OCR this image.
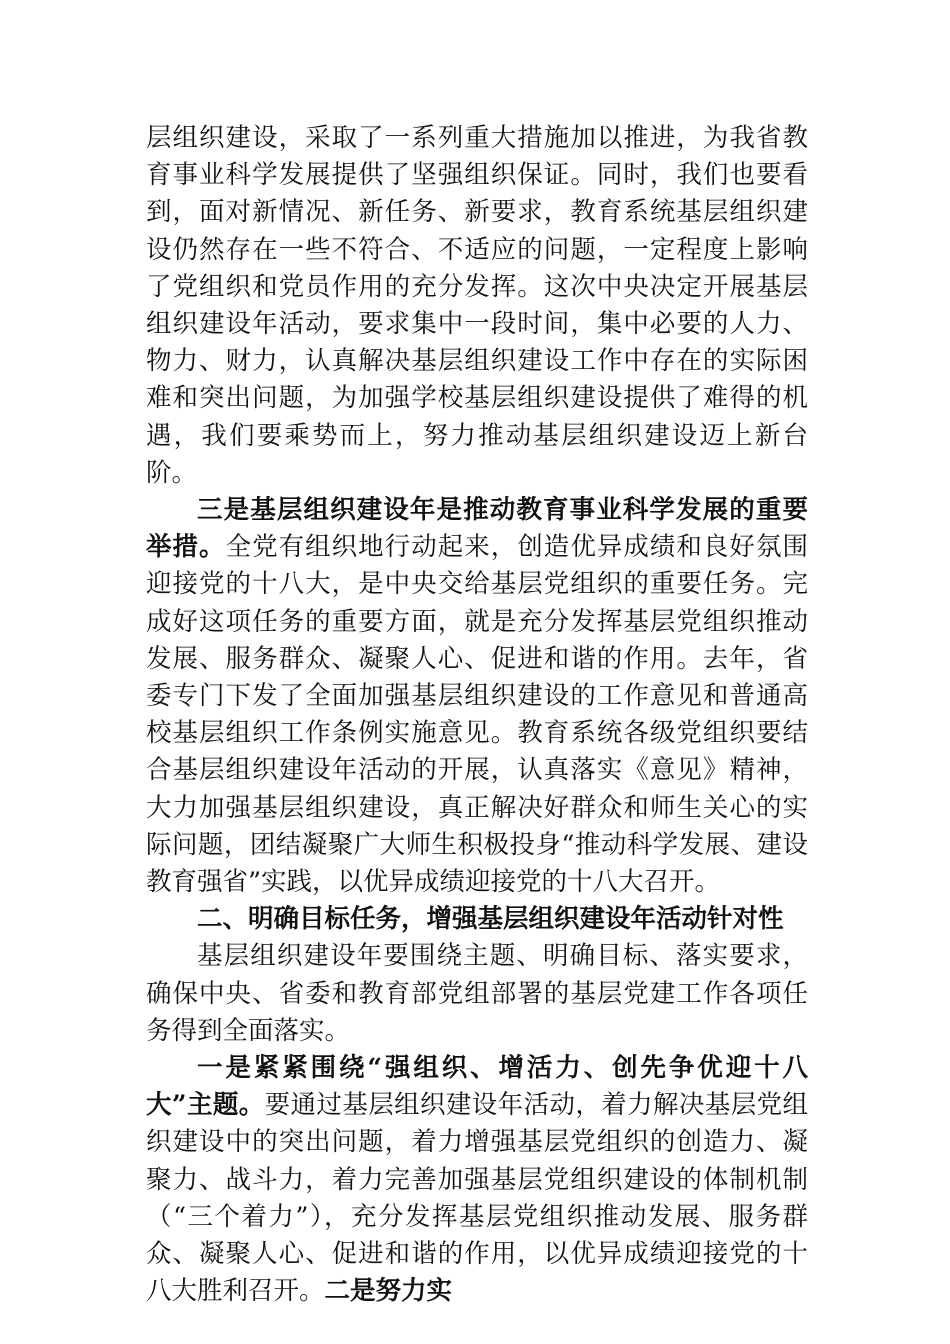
层组织建设，采取了一系列重大措施加以推进，为我省教育事业科学发展提供了坚强组织保证。同时，我们也要看到，面对新情况、新任务、新要求，教育系统基层组织建设仍然存在一些不符合、不适应的问题，一定程度上影响了党组织和党员作用的充分发挥。这次中央决定开展基层组织建设年活动，要求集中一段时间，集中必要的人力、物力、财力，认真解决基层组织建设工作中存在的实际困难和突出问题，为加强学校基层组织建设提供了难得的机遇，我们要乘势而上，努力推动基层组织建设迈上新台阶。

三是基层组织建设年是推动教育事业科学发展的重要举措。全党有组织地行动起来，创造优异成绩和良好氛围迎接党的十八大，是中央交给基层党组织的重要任务。完成好这项任务的重要方面，就是充分发挥基层党组织推动发展、服务群众、凝聚人心、促进和谐的作用。去年，省委专门下发了全面加强基层组织建设的工作意见和普通高校基层组织工作条例实施意见。教育系统各级党组织要结合基层组织建设年活动的开展，认真落实《意见》精神，大力加强基层组织建设，真正解决好群众和师生关心的实际问题，团结凝聚广大师生积极投身“推动科学发展、建设教育强省”实践，以优异成绩迎接党的十八大召开。

二、明确目标任务，增强基层组织建设年活动针对性

基层组织建设年要围绕主题、明确目标、落实要求，确保中央、省委和教育部党组部署的基层党建工作各项任务得到全面落实。

一是紧紧围绕“强组织、增活力、创先争优迎十八大”主题。要通过基层组织建设年活动，着力解决基层党组织建设中的突出问题，着力增强基层党组织的创造力、凝聚力、战斗力，着力完善加强基层党组织建设的体制机制（“三个着力”），充分发挥基层党组织推动发展、服务群众、凝聚人心、促进和谐的作用，以优异成绩迎接党的十八大胜利召开。二是努力实
